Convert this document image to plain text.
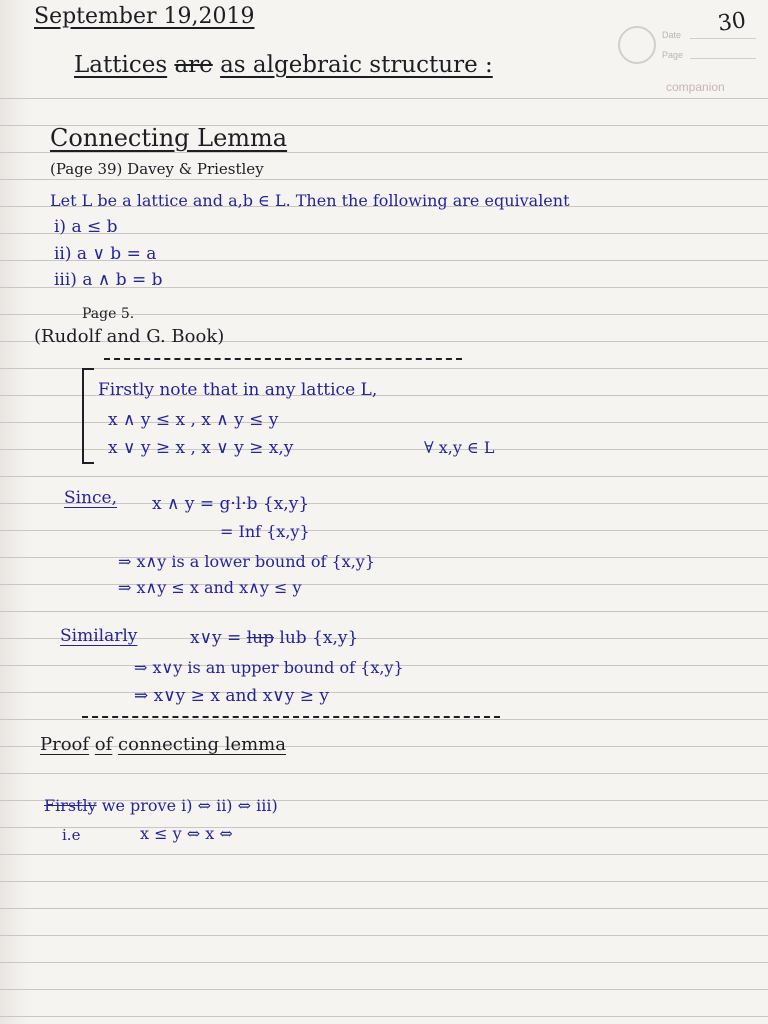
September 19,2019	30
Date
Page
companion
Lattices are as algebraic structure :
Connecting Lemma
(Page 39) Davey & Priestley
Let L be a lattice and a,b ∈ L. Then the following are equivalent
i) a ≤ b
ii) a ∨ b = a
iii) a ∧ b = b
Page 5.
(Rudolf and G. Book)
Firstly note that in any lattice L,
x ∧ y ≤ x , x ∧ y ≤ y
x ∨ y ≥ x , x ∨ y ≥ x,y	∀ x,y ∈ L
Since, x ∧ y = g·l·b {x,y}
= Inf {x,y}
⇒ x∧y is a lower bound of {x,y}
⇒ x∧y ≤ x and x∧y ≤ y
Similarly	x∨y = lup lub {x,y}
⇒ x∨y is an upper bound of {x,y}
⇒ x∨y ≥ x and x∨y ≥ y
Proof of connecting lemma
Firstly we prove i) ⇔ ii) ⇔ iii)
i.e	x ≤ y ⇔ x ⇔
